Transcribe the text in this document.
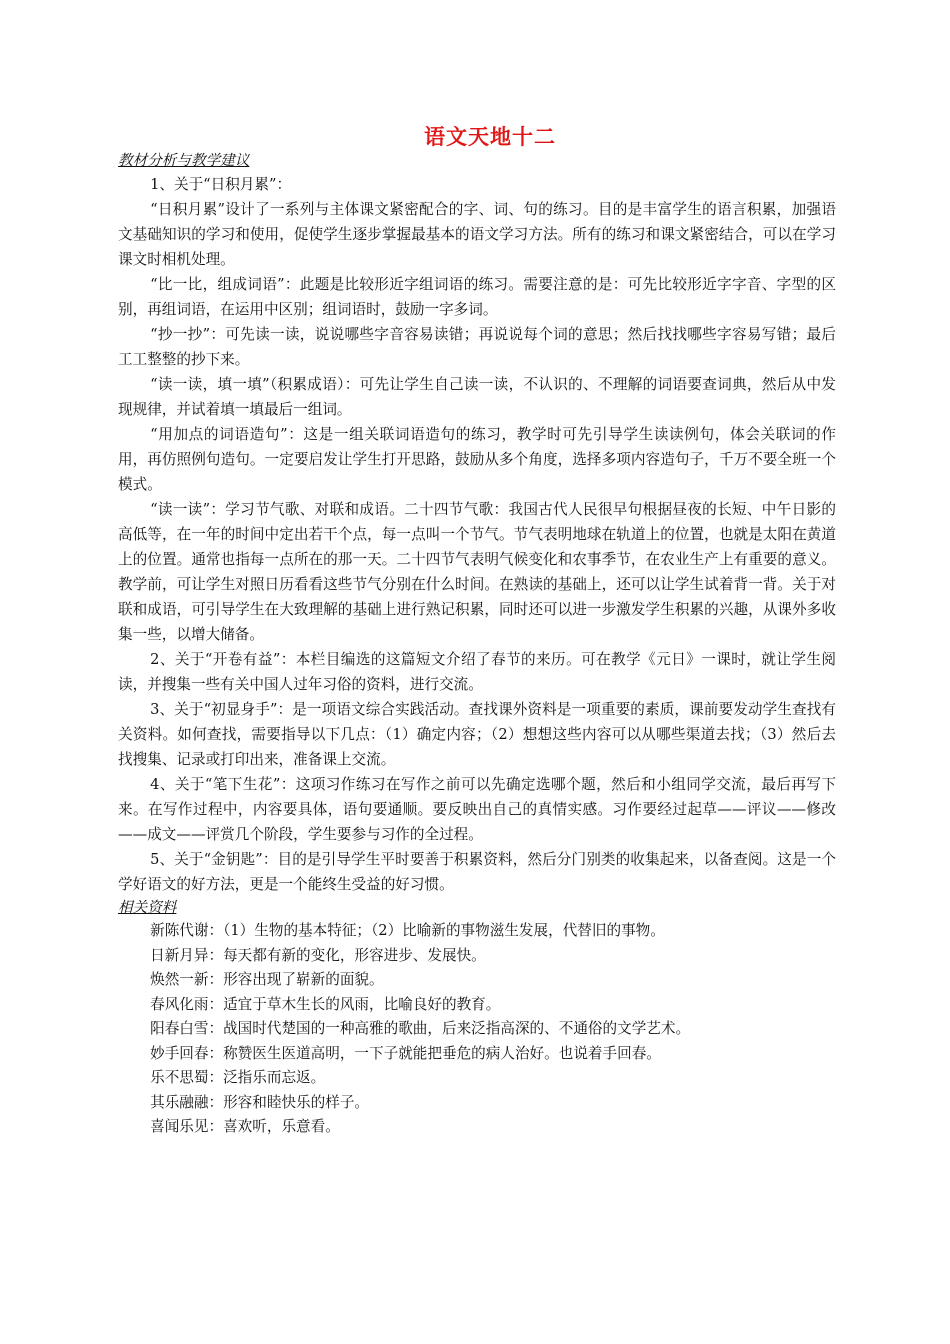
语文天地十二
教材分析与教学建议

1、关于“日积月累”：

“日积月累”设计了一系列与主体课文紧密配合的字、词、句的练习。目的是丰富学生的语言积累，加强语文基础知识的学习和使用，促使学生逐步掌握最基本的语文学习方法。所有的练习和课文紧密结合，可以在学习课文时相机处理。

“比一比，组成词语”：此题是比较形近字组词语的练习。需要注意的是：可先比较形近字字音、字型的区别，再组词语，在运用中区别；组词语时，鼓励一字多词。

“抄一抄”：可先读一读，说说哪些字音容易读错；再说说每个词的意思；然后找找哪些字容易写错；最后工工整整的抄下来。

“读一读，填一填”（积累成语）：可先让学生自己读一读，不认识的、不理解的词语要查词典，然后从中发现规律，并试着填一填最后一组词。

“用加点的词语造句”：这是一组关联词语造句的练习，教学时可先引导学生读读例句，体会关联词的作用，再仿照例句造句。一定要启发让学生打开思路，鼓励从多个角度，选择多项内容造句子，千万不要全班一个模式。

“读一读”：学习节气歌、对联和成语。二十四节气歌：我国古代人民很早句根据昼夜的长短、中午日影的高低等，在一年的时间中定出若干个点，每一点叫一个节气。节气表明地球在轨道上的位置，也就是太阳在黄道上的位置。通常也指每一点所在的那一天。二十四节气表明气候变化和农事季节，在农业生产上有重要的意义。教学前，可让学生对照日历看看这些节气分别在什么时间。在熟读的基础上，还可以让学生试着背一背。关于对联和成语，可引导学生在大致理解的基础上进行熟记积累，同时还可以进一步激发学生积累的兴趣，从课外多收集一些，以增大储备。

2、关于“开卷有益”：本栏目编选的这篇短文介绍了春节的来历。可在教学《元日》一课时，就让学生阅读，并搜集一些有关中国人过年习俗的资料，进行交流。

3、关于“初显身手”：是一项语文综合实践活动。查找课外资料是一项重要的素质，课前要发动学生查找有关资料。如何查找，需要指导以下几点：（1）确定内容；（2）想想这些内容可以从哪些渠道去找；（3）然后去找搜集、记录或打印出来，准备课上交流。

4、关于“笔下生花”：这项习作练习在写作之前可以先确定选哪个题，然后和小组同学交流，最后再写下来。在写作过程中，内容要具体，语句要通顺。要反映出自己的真情实感。习作要经过起草——评议——修改——成文——评赏几个阶段，学生要参与习作的全过程。

5、关于“金钥匙”：目的是引导学生平时要善于积累资料，然后分门别类的收集起来，以备查阅。这是一个学好语文的好方法，更是一个能终生受益的好习惯。

相关资料
新陈代谢：（1）生物的基本特征；（2）比喻新的事物滋生发展，代替旧的事物。
日新月异：每天都有新的变化，形容进步、发展快。
焕然一新：形容出现了崭新的面貌。
春风化雨：适宜于草木生长的风雨，比喻良好的教育。
阳春白雪：战国时代楚国的一种高雅的歌曲，后来泛指高深的、不通俗的文学艺术。
妙手回春：称赞医生医道高明，一下子就能把垂危的病人治好。也说着手回春。
乐不思蜀：泛指乐而忘返。
其乐融融：形容和睦快乐的样子。
喜闻乐见：喜欢听，乐意看。
